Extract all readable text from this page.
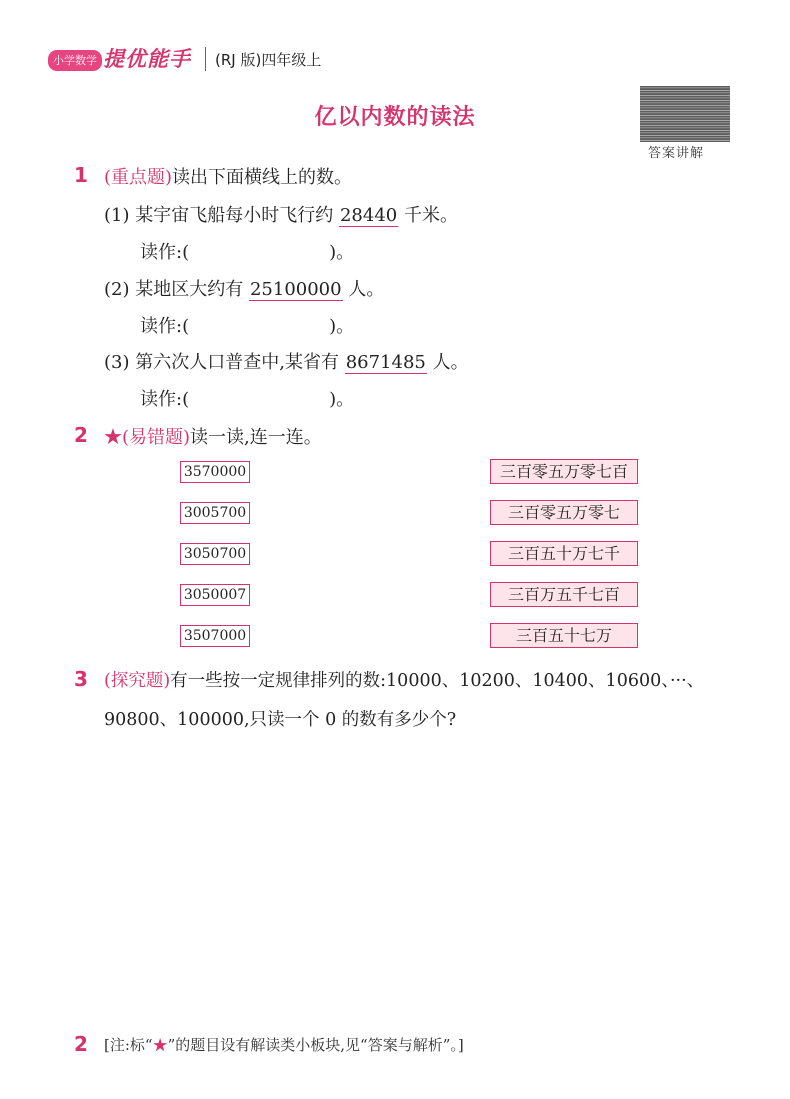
小学数学 提优能手 (RJ 版)四年级上
答案讲解
亿以内数的读法
1 (重点题)读出下面横线上的数。
(1) 某宇宙飞船每小时飞行约 28440 千米。
读作:(	)。
(2) 某地区大约有 25100000 人。
读作:(	)。
(3) 第六次人口普查中,某省有 8671485 人。
读作:(	)。
2 ★(易错题)读一读,连一连。
3570000
3005700
3050700
3050007
3507000
三百零五万零七百
三百零五万零七
三百五十万七千
三百万五千七百
三百五十七万
3 (探究题)有一些按一定规律排列的数:10000、10200、10400、10600、···、
90800、100000,只读一个 0 的数有多少个?
2 [注:标“★”的题目设有解读类小板块,见“答案与解析”。]
